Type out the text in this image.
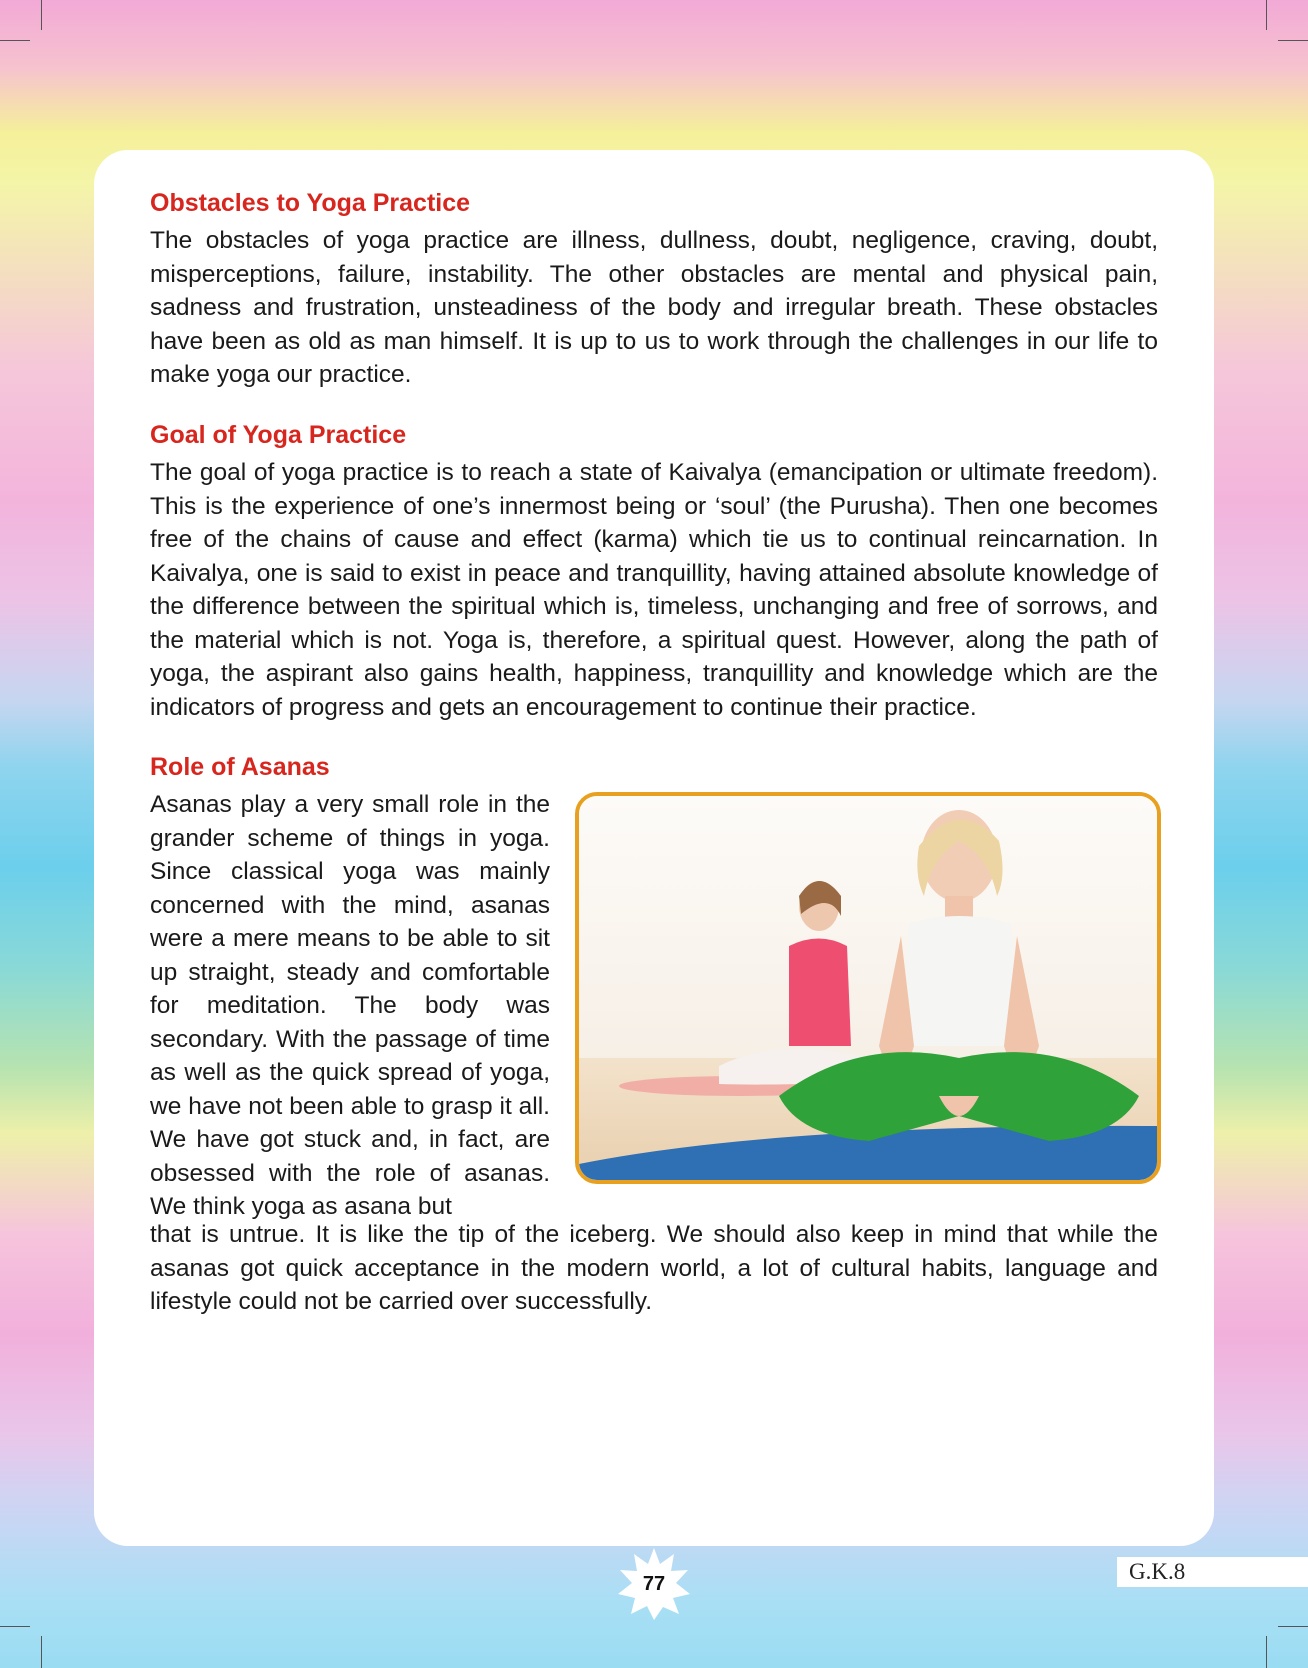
Obstacles to Yoga Practice

The obstacles of yoga practice are illness, dullness, doubt, negligence, craving, doubt, misperceptions, failure, instability. The other obstacles are mental and physical pain, sadness and frustration, unsteadiness of the body and irregular breath. These obstacles have been as old as man himself. It is up to us to work through the challenges in our life to make yoga our practice.

Goal of Yoga Practice

The goal of yoga practice is to reach a state of Kaivalya (emancipation or ultimate freedom). This is the experience of one’s innermost being or ‘soul’ (the Purusha). Then one becomes free of the chains of cause and effect (karma) which tie us to continual reincarnation. In Kaivalya, one is said to exist in peace and tranquillity, having attained absolute knowledge of the difference between the spiritual which is, timeless, unchanging and free of sorrows, and the material which is not. Yoga is, therefore, a spiritual quest. However, along the path of yoga, the aspirant also gains health, happiness, tranquillity and knowledge which are the indicators of progress and gets an encouragement to continue their practice.

Role of Asanas

Asanas play a very small role in the grander scheme of things in yoga. Since classical yoga was mainly concerned with the mind, asanas were a mere means to be able to sit up straight, steady and comfortable for meditation. The body was secondary. With the passage of time as well as the quick spread of yoga, we have not been able to grasp it all. We have got stuck and, in fact, are obsessed with the role of asanas. We think yoga as asana but

that is untrue. It is like the tip of the iceberg. We should also keep in mind that while the asanas got quick acceptance in the modern world, a lot of cultural habits, language and lifestyle could not be carried over successfully.

77	G.K.8
